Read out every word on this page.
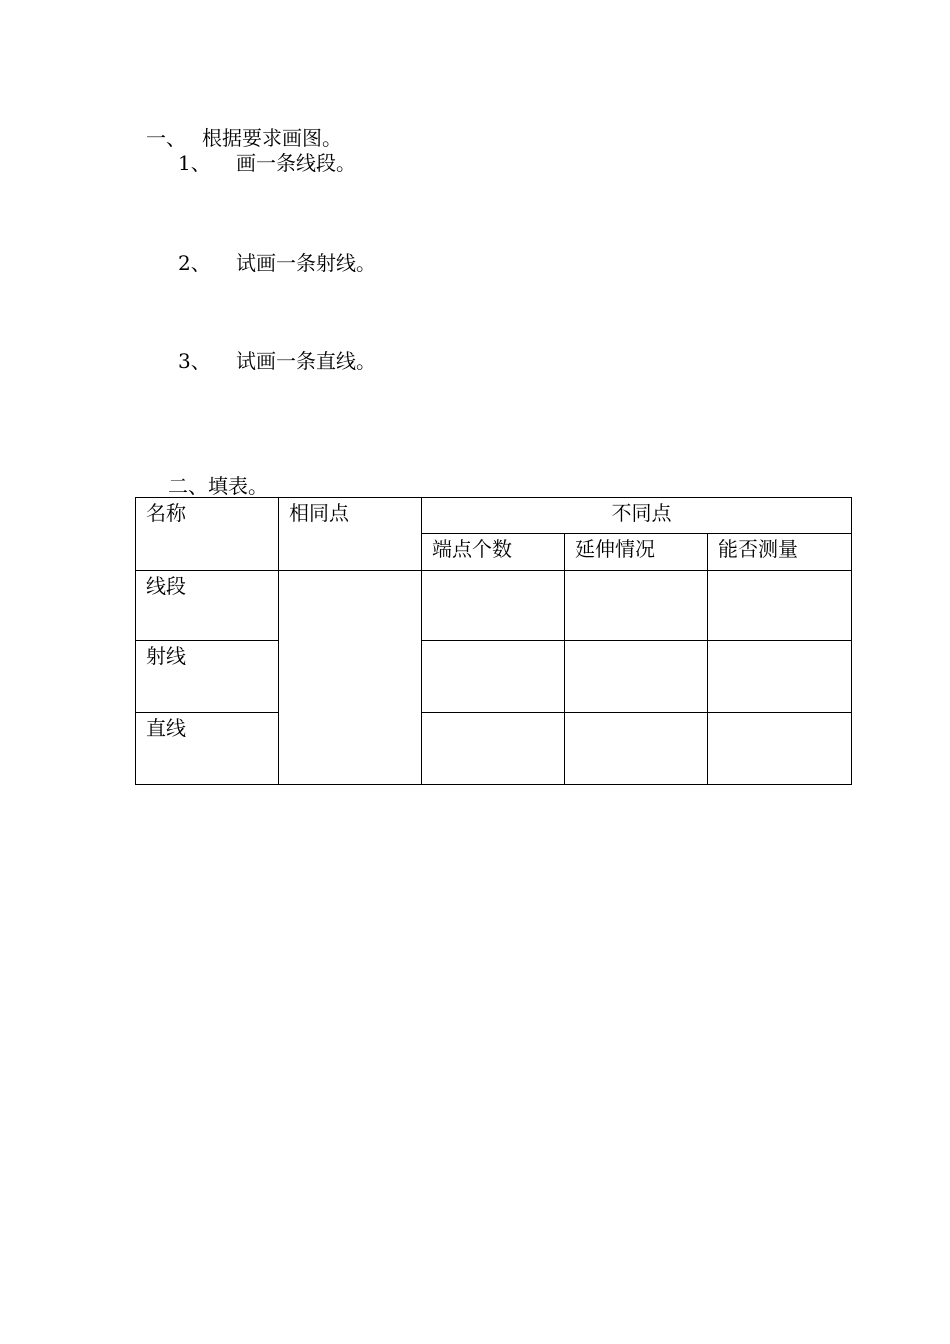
一、 根据要求画图。
1、 画一条线段。
2、 试画一条射线。
3、 试画一条直线。
二、填表。
名称	相同点	不同点		
		端点个数	延伸情况	能否测量
线段				
射线				
直线				
